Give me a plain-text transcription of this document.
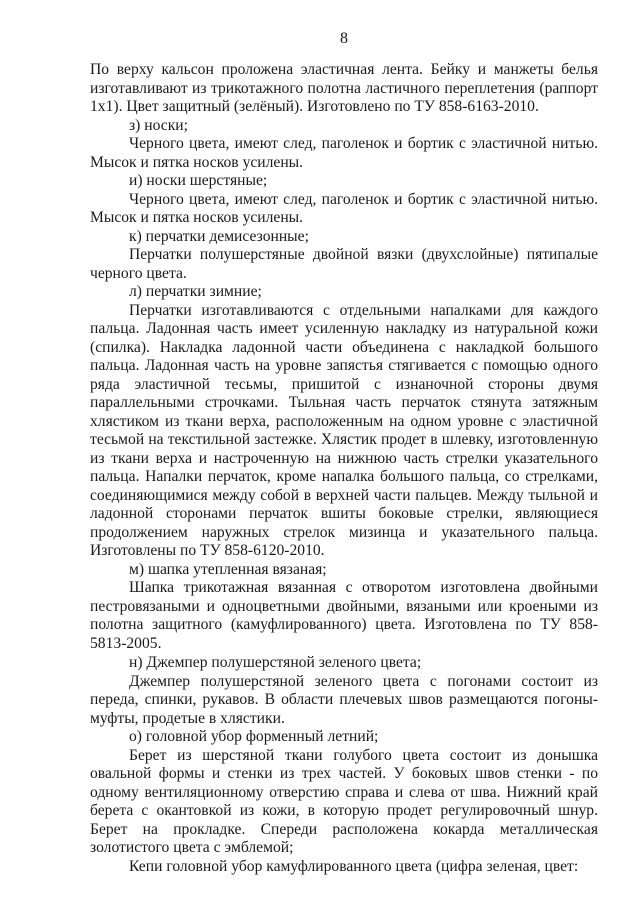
8

По верху кальсон проложена эластичная лента. Бейку и манжеты белья изготавливают из трикотажного полотна ластичного переплетения (раппорт 1х1). Цвет защитный (зелёный). Изготовлено по ТУ 858-6163-2010.

з) носки;

Черного цвета, имеют след, паголенок и бортик с эластичной нитью. Мысок и пятка носков усилены.

и) носки шерстяные;

Черного цвета, имеют след, паголенок и бортик с эластичной нитью. Мысок и пятка носков усилены.

к) перчатки демисезонные;

Перчатки полушерстяные двойной вязки (двухслойные) пятипалые черного цвета.

л) перчатки зимние;

Перчатки изготавливаются с отдельными напалками для каждого пальца. Ладонная часть имеет усиленную накладку из натуральной кожи (спилка). Накладка ладонной части объединена с накладкой большого пальца. Ладонная часть на уровне запястья стягивается с помощью одного ряда эластичной тесьмы, пришитой с изнаночной стороны двумя параллельными строчками. Тыльная часть перчаток стянута затяжным хлястиком из ткани верха, расположенным на одном уровне с эластичной тесьмой на текстильной застежке. Хлястик продет в шлевку, изготовленную из ткани верха и настроченную на нижнюю часть стрелки указательного пальца. Напалки перчаток, кроме напалка большого пальца, со стрелками, соединяющимися между собой в верхней части пальцев. Между тыльной и ладонной сторонами перчаток вшиты боковые стрелки, являющиеся продолжением наружных стрелок мизинца и указательного пальца. Изготовлены по ТУ 858-6120-2010.

м) шапка утепленная вязаная;

Шапка трикотажная вязанная с отворотом изготовлена двойными пестровязаными и одноцветными двойными, вязаными или кроеными из полотна защитного (камуфлированного) цвета. Изготовлена по ТУ 858-5813-2005.

н) Джемпер полушерстяной зеленого цвета;

Джемпер полушерстяной зеленого цвета с погонами состоит из переда, спинки, рукавов. В области плечевых швов размещаются погоны-муфты, продетые в хлястики.

о) головной убор форменный летний;

Берет из шерстяной ткани голубого цвета состоит из донышка овальной формы и стенки из трех частей. У боковых швов стенки - по одному вентиляционному отверстию справа и слева от шва. Нижний край берета с окантовкой из кожи, в которую продет регулировочный шнур. Берет на прокладке. Спереди расположена кокарда металлическая золотистого цвета с эмблемой;

Кепи головной убор камуфлированного цвета (цифра зеленая, цвет:
